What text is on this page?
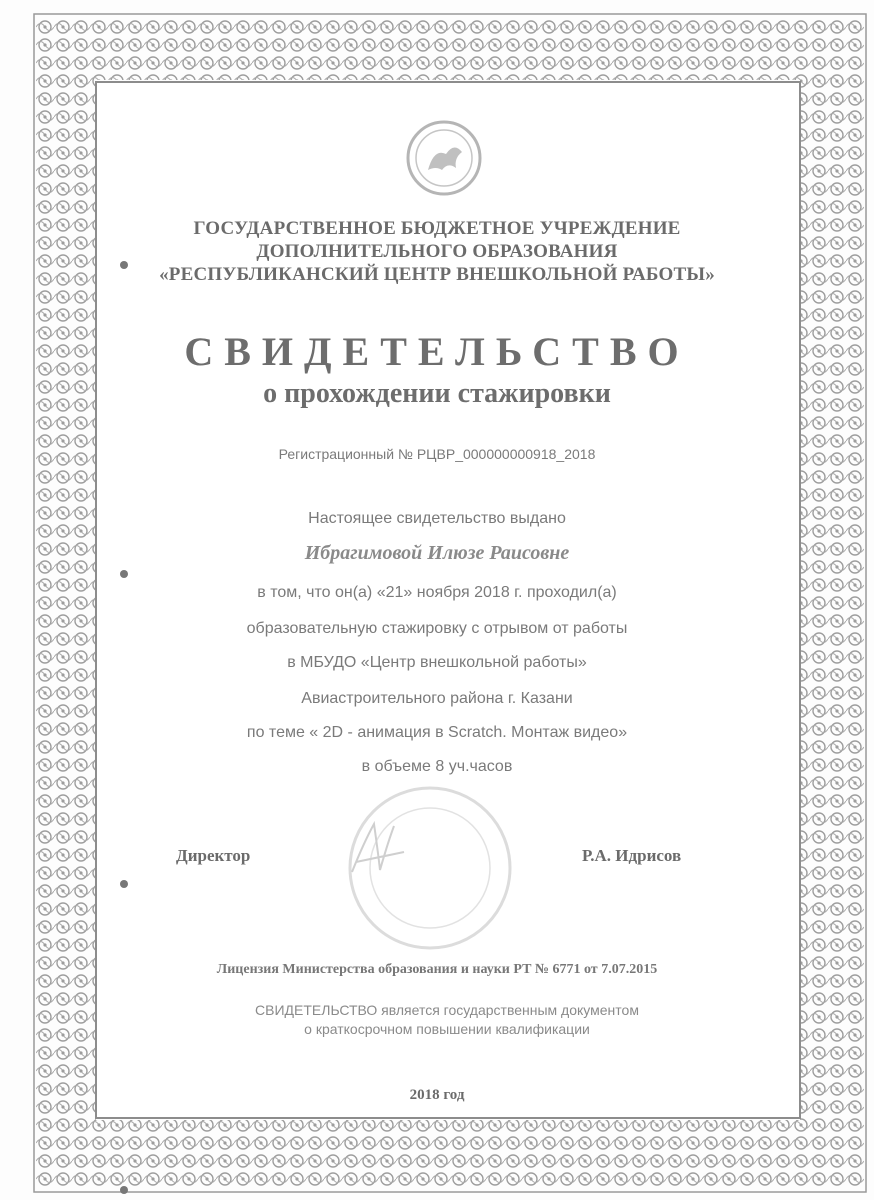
ГОСУДАРСТВЕННОЕ БЮДЖЕТНОЕ УЧРЕЖДЕНИЕ
ДОПОЛНИТЕЛЬНОГО ОБРАЗОВАНИЯ
«РЕСПУБЛИКАНСКИЙ ЦЕНТР ВНЕШКОЛЬНОЙ РАБОТЫ»
СВИДЕТЕЛЬСТВО
о прохождении стажировки
Регистрационный № РЦВР_000000000918_2018
Настоящее свидетельство выдано
Ибрагимовой Илюзе Раисовне
в том, что он(а) «21» ноября 2018 г. проходил(а)
образовательную стажировку с отрывом от работы
в МБУДО «Центр внешкольной работы»
Авиастроительного района г. Казани
по теме « 2D - анимация в Scratch. Монтаж видео»
в объеме 8 уч.часов
Директор	Р.А. Идрисов
Лицензия Министерства образования и науки РТ № 6771 от 7.07.2015
СВИДЕТЕЛЬСТВО является государственным документом
о краткосрочном повышении квалификации
2018 год
